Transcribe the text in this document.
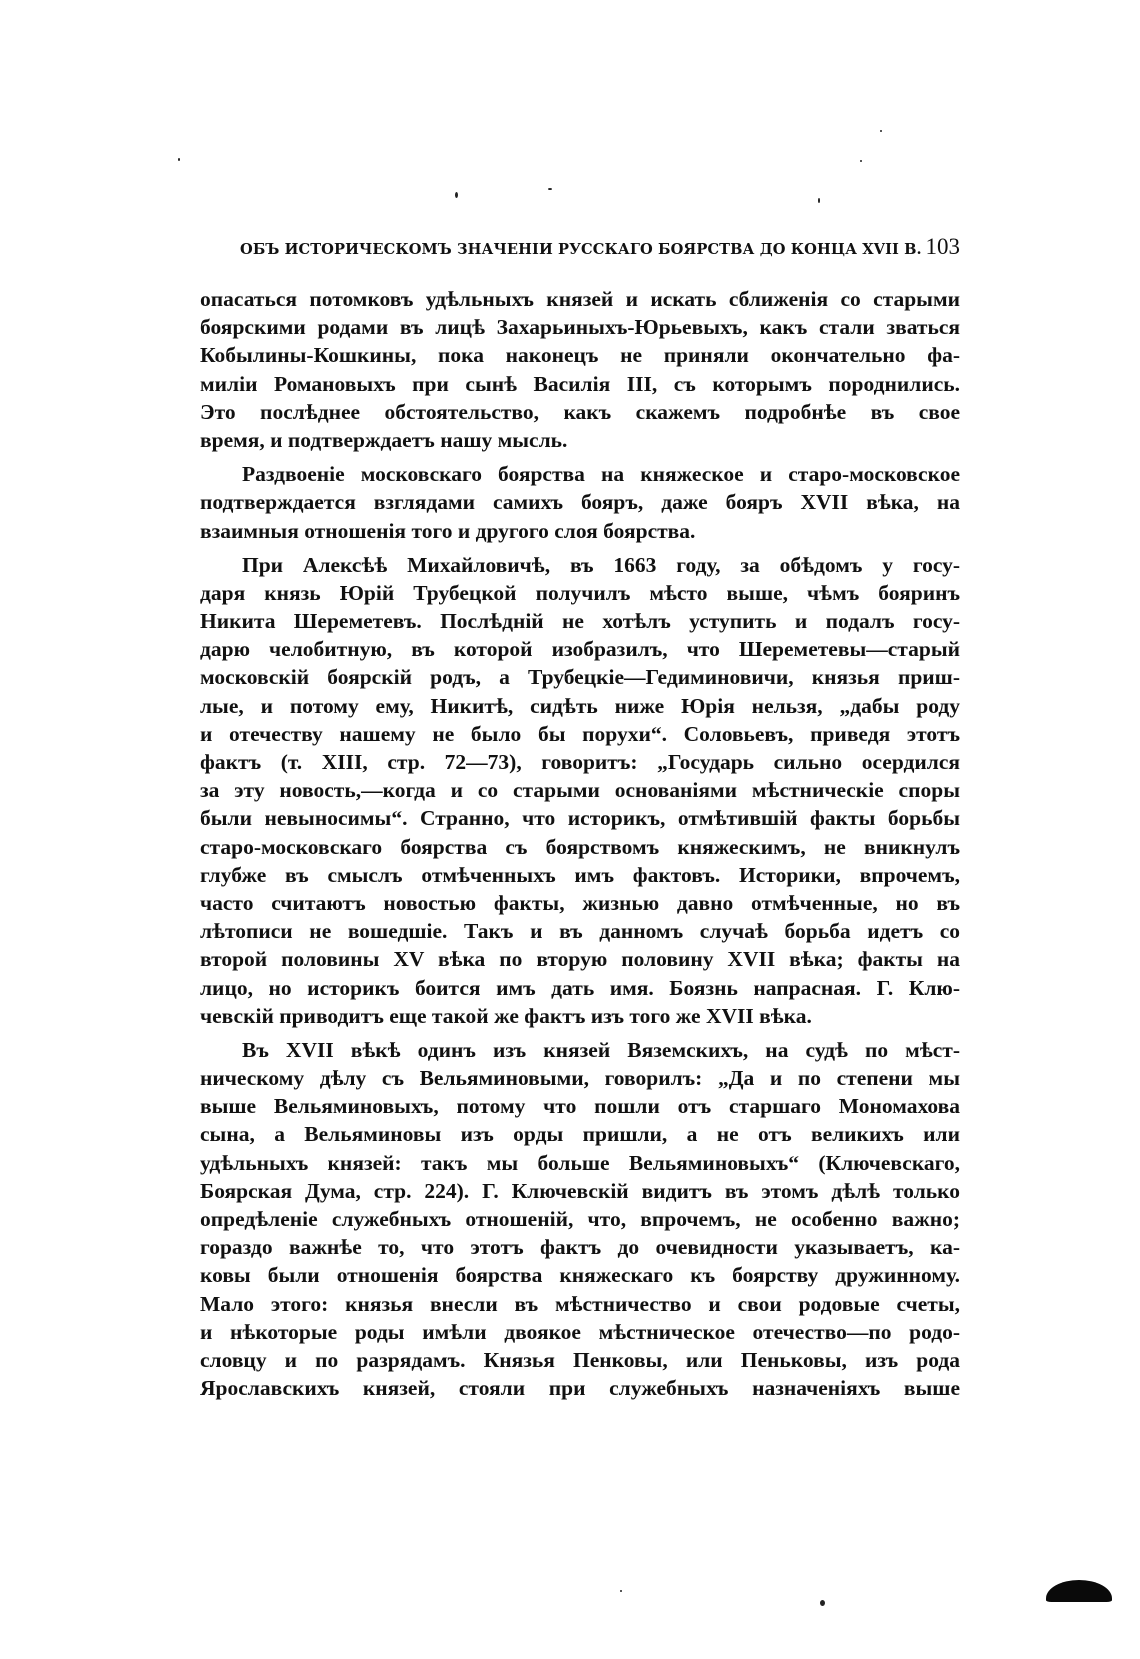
ОБЪ ИСТОРИЧЕСКОМЪ ЗНАЧЕНІИ РУССКАГО БОЯРСТВА ДО КОНЦА XVII В. 103
опасаться потомковъ удѣльныхъ князей и искать сближенія со старыми
боярскими родами въ лицѣ Захарьиныхъ-Юрьевыхъ, какъ стали зваться
Кобылины-Кошкины, пока наконецъ не приняли окончательно фа-
миліи Романовыхъ при сынѣ Василія III, съ которымъ породнились.
Это послѣднее обстоятельство, какъ скажемъ подробнѣе въ свое
время, и подтверждаетъ нашу мысль.
Раздвоеніе московскаго боярства на княжеское и старо-московское
подтверждается взглядами самихъ бояръ, даже бояръ XVII вѣка, на
взаимныя отношенія того и другого слоя боярства.
При Алексѣѣ Михайловичѣ, въ 1663 году, за обѣдомъ у госу-
даря князь Юрій Трубецкой получилъ мѣсто выше, чѣмъ бояринъ
Никита Шереметевъ. Послѣдній не хотѣлъ уступить и подалъ госу-
дарю челобитную, въ которой изобразилъ, что Шереметевы—старый
московскій боярскій родъ, а Трубецкіе—Гедиминовичи, князья приш-
лые, и потому ему, Никитѣ, сидѣть ниже Юрія нельзя, „дабы роду
и отечеству нашему не было бы порухи“. Соловьевъ, приведя этотъ
фактъ (т. XIII, стр. 72—73), говоритъ: „Государь сильно осердился
за эту новость,—когда и со старыми основаніями мѣстническіе споры
были невыносимы“. Странно, что историкъ, отмѣтившій факты борьбы
старо-московскаго боярства съ боярствомъ княжескимъ, не вникнулъ
глубже въ смыслъ отмѣченныхъ имъ фактовъ. Историки, впрочемъ,
часто считаютъ новостью факты, жизнью давно отмѣченные, но въ
лѣтописи не вошедшіе. Такъ и въ данномъ случаѣ борьба идетъ со
второй половины XV вѣка по вторую половину XVII вѣка; факты на
лицо, но историкъ боится имъ дать имя. Боязнь напрасная. Г. Клю-
чевскій приводитъ еще такой же фактъ изъ того же XVII вѣка.
Въ XVII вѣкѣ одинъ изъ князей Вяземскихъ, на судѣ по мѣст-
ническому дѣлу съ Вельяминовыми, говорилъ: „Да и по степени мы
выше Вельяминовыхъ, потому что пошли отъ старшаго Мономахова
сына, а Вельяминовы изъ орды пришли, а не отъ великихъ или
удѣльныхъ князей: такъ мы больше Вельяминовыхъ“ (Ключевскаго,
Боярская Дума, стр. 224). Г. Ключевскій видитъ въ этомъ дѣлѣ только
опредѣленіе служебныхъ отношеній, что, впрочемъ, не особенно важно;
гораздо важнѣе то, что этотъ фактъ до очевидности указываетъ, ка-
ковы были отношенія боярства княжескаго къ боярству дружинному.
Мало этого: князья внесли въ мѣстничество и свои родовые счеты,
и нѣкоторые роды имѣли двоякое мѣстническое отечество—по родо-
словцу и по разрядамъ. Князья Пенковы, или Пеньковы, изъ рода
Ярославскихъ князей, стояли при служебныхъ назначеніяхъ выше
